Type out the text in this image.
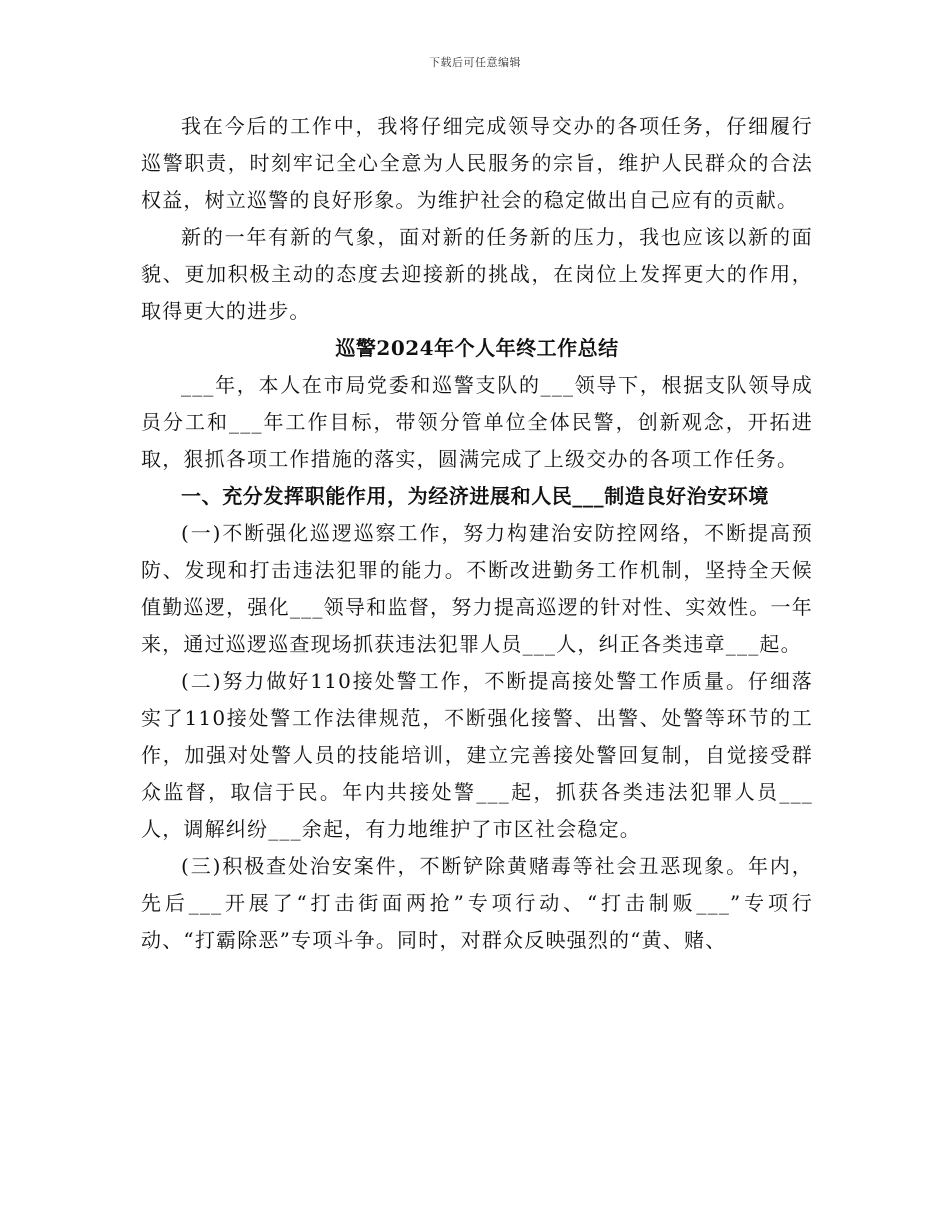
下载后可任意编辑

我在今后的工作中，我将仔细完成领导交办的各项任务，仔细履行巡警职责，时刻牢记全心全意为人民服务的宗旨，维护人民群众的合法权益，树立巡警的良好形象。为维护社会的稳定做出自己应有的贡献。

新的一年有新的气象，面对新的任务新的压力，我也应该以新的面貌、更加积极主动的态度去迎接新的挑战，在岗位上发挥更大的作用，取得更大的进步。

巡警2024年个人年终工作总结

___年，本人在市局党委和巡警支队的___领导下，根据支队领导成员分工和___年工作目标，带领分管单位全体民警，创新观念，开拓进取，狠抓各项工作措施的落实，圆满完成了上级交办的各项工作任务。

一、充分发挥职能作用，为经济进展和人民___制造良好治安环境

(一)不断强化巡逻巡察工作，努力构建治安防控网络，不断提高预防、发现和打击违法犯罪的能力。不断改进勤务工作机制，坚持全天候值勤巡逻，强化___领导和监督，努力提高巡逻的针对性、实效性。一年来，通过巡逻巡查现场抓获违法犯罪人员___人，纠正各类违章___起。

(二)努力做好110接处警工作，不断提高接处警工作质量。仔细落实了110接处警工作法律规范，不断强化接警、出警、处警等环节的工作，加强对处警人员的技能培训，建立完善接处警回复制，自觉接受群众监督，取信于民。年内共接处警___起，抓获各类违法犯罪人员___人，调解纠纷___余起，有力地维护了市区社会稳定。

(三)积极查处治安案件，不断铲除黄赌毒等社会丑恶现象。年内，先后___开展了“打击街面两抢”专项行动、“打击制贩___”专项行动、“打霸除恶”专项斗争。同时，对群众反映强烈的“黄、赌、
